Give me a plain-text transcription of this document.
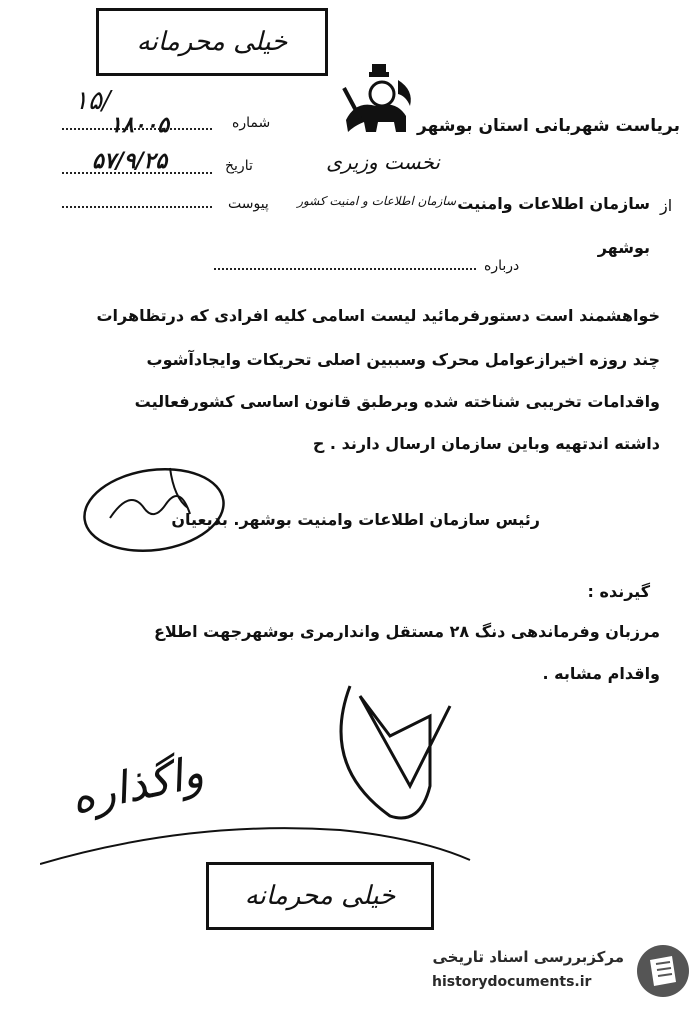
خیلی محرمانه
۱۵/
۱۸۰۰۵	شماره
۵۷/۹/۲۵	تاریخ
پیوست
بریاست شهربانی استان بوشهر
نخست وزیری
از
سازمان اطلاعات وامنیت
سازمان اطلاعات و امنیت کشور
بوشهر
درباره
خواهشمند است دستورفرمائید لیست اسامی کلیه افرادی که درتظاهرات
چند روزه اخیرازعوامل محرک وسببین اصلی تحریکات وایجادآشوب
واقدامات تخریبی شناخته شده وبرطبق قانون اساسی کشورفعالیت
داشته اندتهیه وباین سازمان ارسال دارند . ح
رئیس سازمان اطلاعات وامنیت بوشهر. بدیعیان
گیرنده :
مرزبان وفرماندهی دنگ ۲۸ مستقل واندارمری بوشهرجهت اطلاع
واقدام مشابه .
واگذاره
خیلی محرمانه
مرکزبررسی اسناد تاریخی
historydocuments.ir
